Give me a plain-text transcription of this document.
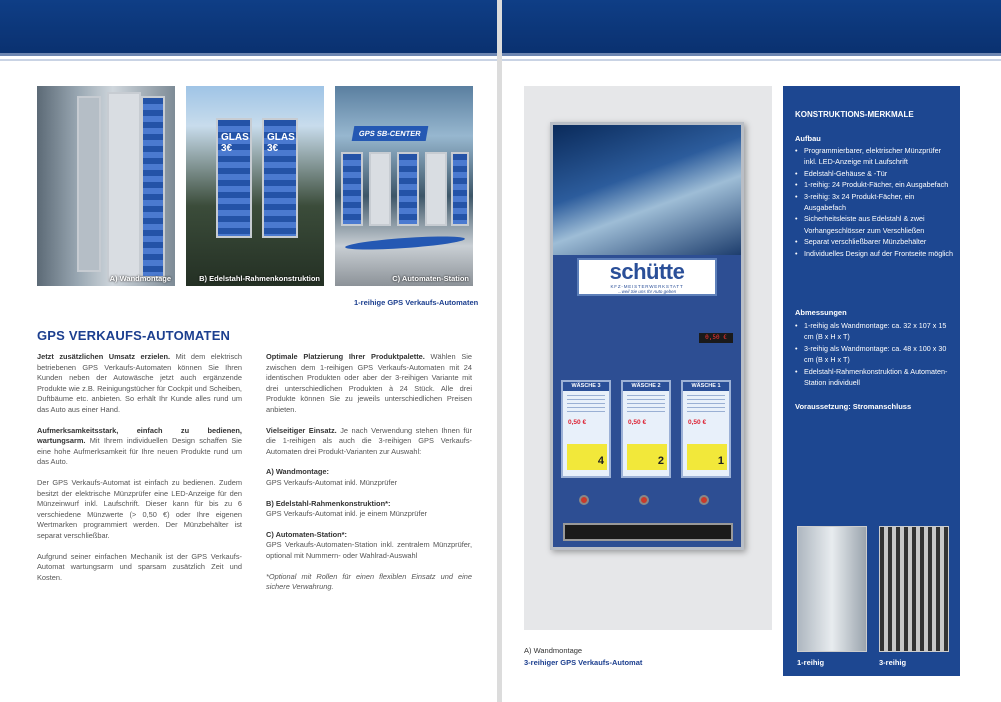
A) Wandmontage
GLAS 3€
GLAS 3€
B) Edelstahl-Rahmenkonstruktion
GPS SB-CENTER
C) Automaten-Station
1-reihige GPS Verkaufs-Automaten
GPS VERKAUFS-AUTOMATEN

Jetzt zusätzlichen Umsatz erzielen. Mit dem elektrisch betriebenen GPS Verkaufs-Automaten können Sie Ihren Kunden neben der Autowäsche jetzt auch ergänzende Produkte wie z.B. Reinigungstücher für Cockpit und Scheiben, Duftbäume etc. anbieten. So erhält Ihr Kunde alles rund um das Auto aus einer Hand.

Aufmerksamkeitsstark, einfach zu bedienen, wartungsarm. Mit Ihrem individuellen Design schaffen Sie eine hohe Aufmerksamkeit für Ihre neuen Produkte rund um das Auto.

Der GPS Verkaufs-Automat ist einfach zu bedienen. Zudem besitzt der elektrische Münzprüfer eine LED-Anzeige für den Münzeinwurf inkl. Laufschrift. Dieser kann für bis zu 6 verschiedene Münzwerte (> 0,50 €) oder Ihre eigenen Wertmarken programmiert werden. Der Münzbehälter ist separat verschließbar.

Aufgrund seiner einfachen Mechanik ist der GPS Verkaufs-Automat wartungsarm und sparsam zusätzlich Zeit und Kosten.

Optimale Platzierung Ihrer Produktpalette. Wählen Sie zwischen dem 1-reihigen GPS Verkaufs-Automaten mit 24 identischen Produkten oder aber der 3-reihigen Variante mit drei unterschiedlichen Produkten à 24 Stück. Alle drei Produkte können Sie zu jeweils unterschiedlichen Preisen anbieten.

Vielseitiger Einsatz. Je nach Verwendung stehen Ihnen für die 1-reihigen als auch die 3-reihigen GPS Verkaufs-Automaten drei Produkt-Varianten zur Auswahl:

A) Wandmontage:
GPS Verkaufs-Automat inkl. Münzprüfer

B) Edelstahl-Rahmenkonstruktion*:
GPS Verkaufs-Automat inkl. je einem Münzprüfer

C) Automaten-Station*:
GPS Verkaufs-Automaten-Station inkl. zentralem Münzprüfer, optional mit Nummern- oder Wahlrad-Auswahl

*Optional mit Rollen für einen flexiblen Einsatz und eine sichere Verwahrung.

schütte
KFZ-MEISTERWERKSTATT
...weil Sie uns Ihr Auto geben
0,50 €
WÄSCHE 3
0,50 €
4
WÄSCHE 2
0,50 €
2
WÄSCHE 1
0,50 €
1
A) Wandmontage
3-reihiger GPS Verkaufs-Automat
KONSTRUKTIONS-MERKMALE
Aufbau
• Programmierbarer, elektrischer Münzprüfer inkl. LED-Anzeige mit Laufschrift
• Edelstahl-Gehäuse & -Tür
• 1-reihig: 24 Produkt-Fächer, ein Ausgabefach
• 3-reihig: 3x 24 Produkt-Fächer, ein Ausgabefach
• Sicherheitsleiste aus Edelstahl & zwei Vorhangeschlösser zum Verschließen
• Separat verschließbarer Münzbehälter
• Individuelles Design auf der Frontseite möglich
Abmessungen
• 1-reihig als Wandmontage: ca. 32 x 107 x 15 cm (B x H x T)
• 3-reihig als Wandmontage: ca. 48 x 100 x 30 cm (B x H x T)
• Edelstahl-Rahmenkonstruktion & Automaten-Station individuell
Voraussetzung: Stromanschluss
1-reihig	3-reihig
